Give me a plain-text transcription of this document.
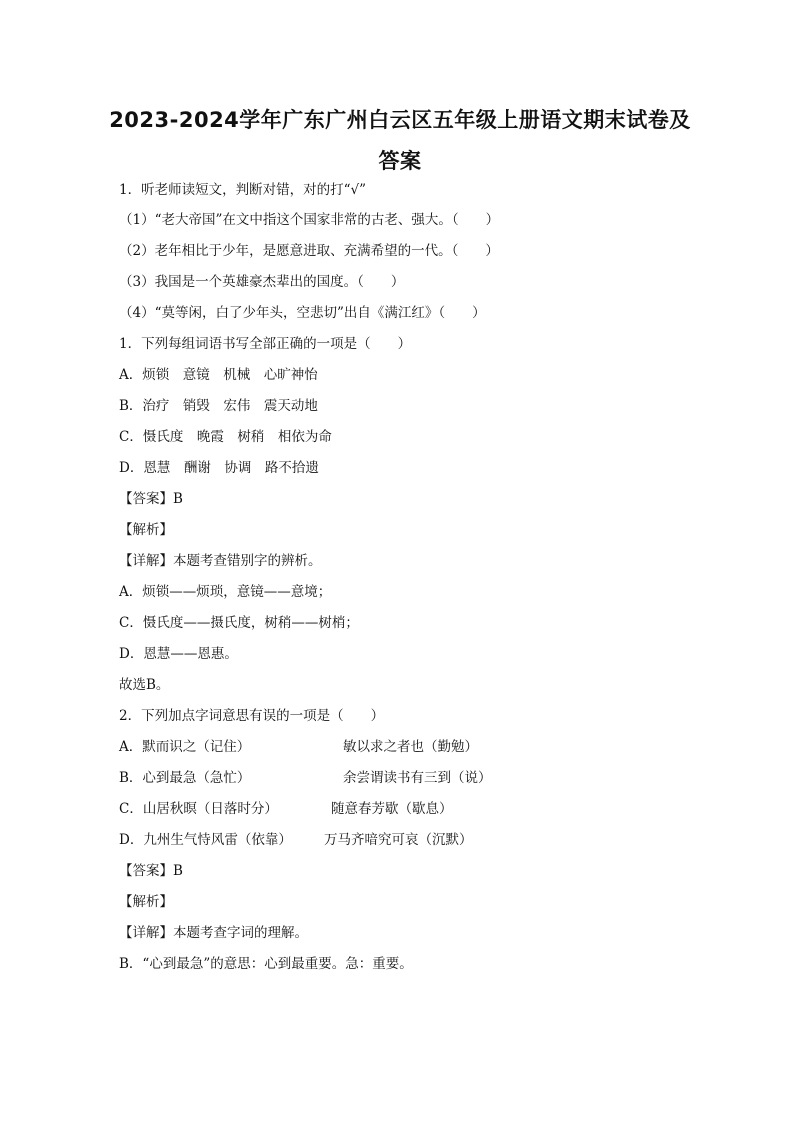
2023-2024学年广东广州白云区五年级上册语文期末试卷及
答案
1．听老师读短文，判断对错，对的打“√”
（1）“老大帝国”在文中指这个国家非常的古老、强大。（　　）
（2）老年相比于少年，是愿意进取、充满希望的一代。（　　）
（3）我国是一个英雄豪杰辈出的国度。（　　）
（4）“莫等闲，白了少年头，空悲切”出自《满江红》（　　）
1．下列每组词语书写全部正确的一项是（　　）
A．烦锁　意镜　机械　心旷神怡
B．治疗　销毁　宏伟　震天动地
C．慑氏度　晚霞　树稍　相依为命
D．恩慧　酬谢　协调　路不拾遗
【答案】B
【解析】
【详解】本题考查错别字的辨析。
A．烦锁——烦琐，意镜——意境；
C．慑氏度——摄氏度，树稍——树梢；
D．恩慧——恩惠。
故选B。
2．下列加点字词意思有误的一项是（　　）
A．默而识之（记住）	敏以求之者也（勤勉）
B．心到最急（急忙）	余尝谓读书有三到（说）
C．山居秋暝（日落时分）	随意春芳歇（歇息）
D．九州生气恃风雷（依靠） 万马齐喑究可哀（沉默）
【答案】B
【解析】
【详解】本题考查字词的理解。
B．“心到最急”的意思：心到最重要。急：重要。
